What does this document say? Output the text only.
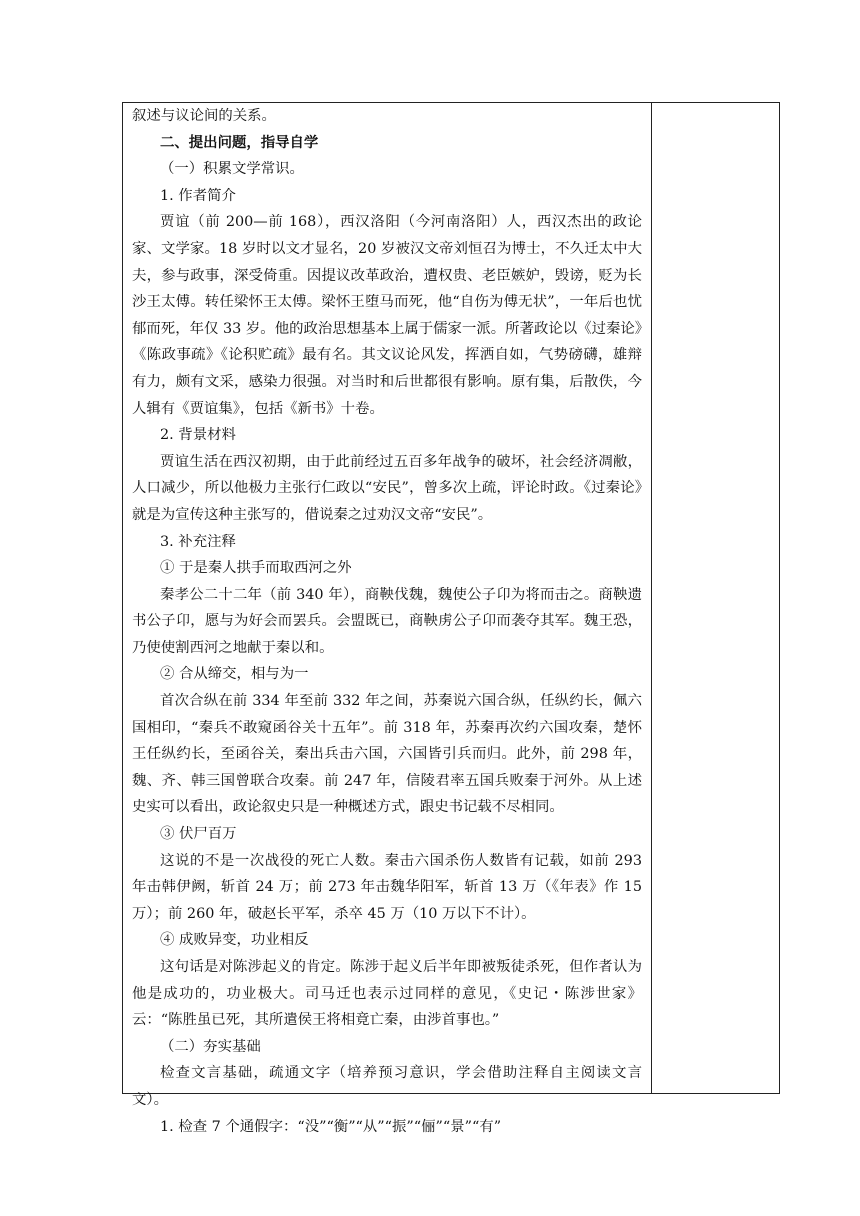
叙述与议论间的关系。

二、提出问题，指导自学

（一）积累文学常识。

1. 作者简介

贾谊（前 200—前 168），西汉洛阳（今河南洛阳）人，西汉杰出的政论家、文学家。18 岁时以文才显名，20 岁被汉文帝刘恒召为博士，不久迁太中大夫，参与政事，深受倚重。因提议改革政治，遭权贵、老臣嫉妒，毁谤，贬为长沙王太傅。转任梁怀王太傅。梁怀王堕马而死，他“自伤为傅无状”，一年后也忧郁而死，年仅 33 岁。他的政治思想基本上属于儒家一派。所著政论以《过秦论》《陈政事疏》《论积贮疏》最有名。其文议论风发，挥洒自如，气势磅礴，雄辩有力，颇有文采，感染力很强。对当时和后世都很有影响。原有集，后散佚，今人辑有《贾谊集》，包括《新书》十卷。

2. 背景材料

贾谊生活在西汉初期，由于此前经过五百多年战争的破坏，社会经济凋敝，人口减少，所以他极力主张行仁政以“安民”，曾多次上疏，评论时政。《过秦论》就是为宣传这种主张写的，借说秦之过劝汉文帝“安民”。

3. 补充注释

① 于是秦人拱手而取西河之外

秦孝公二十二年（前 340 年），商鞅伐魏，魏使公子卬为将而击之。商鞅遗书公子卬，愿与为好会而罢兵。会盟既已，商鞅虏公子卬而袭夺其军。魏王恐，乃使使割西河之地献于秦以和。

② 合从缔交，相与为一

首次合纵在前 334 年至前 332 年之间，苏秦说六国合纵，任纵约长，佩六国相印，“秦兵不敢窥函谷关十五年”。前 318 年，苏秦再次约六国攻秦，楚怀王任纵约长，至函谷关，秦出兵击六国，六国皆引兵而归。此外，前 298 年，魏、齐、韩三国曾联合攻秦。前 247 年，信陵君率五国兵败秦于河外。从上述史实可以看出，政论叙史只是一种概述方式，跟史书记载不尽相同。

③ 伏尸百万

这说的不是一次战役的死亡人数。秦击六国杀伤人数皆有记载，如前 293 年击韩伊阙，斩首 24 万；前 273 年击魏华阳军，斩首 13 万（《年表》作 15 万）；前 260 年，破赵长平军，杀卒 45 万（10 万以下不计）。

④ 成败异变，功业相反

这句话是对陈涉起义的肯定。陈涉于起义后半年即被叛徒杀死，但作者认为他是成功的，功业极大。司马迁也表示过同样的意见，《史记・陈涉世家》云：“陈胜虽已死，其所遣侯王将相竟亡秦，由涉首事也。”

（二）夯实基础

检查文言基础，疏通文字（培养预习意识，学会借助注释自主阅读文言文）。

1. 检查 7 个通假字：“没”“衡”“从”“振”“俪”“景”“有”
